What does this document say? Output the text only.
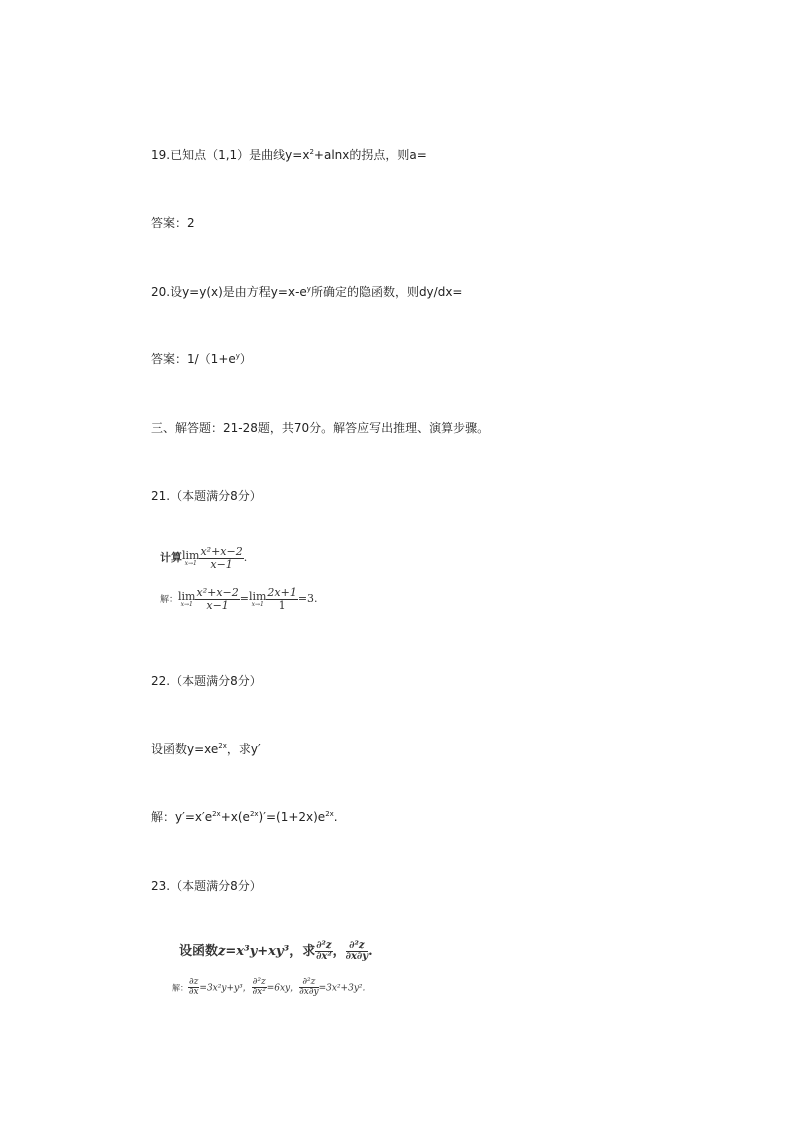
19.已知点（1,1）是曲线$y=x^2+alnx$的拐点，则a=
答案：2
20.设y=y(x)是由方程$y=x-e^y$所确定的隐函数，则dy/dx=
答案：$1/(1+e^y)$
三、解答题：21-28题，共70分。解答应写出推理、演算步骤。
21.（本题满分8分）
计算 lim
$x\to 1 \frac{\text{x²+x−2}}{x-1}$ .
解： lim
$x\to 1 \frac{\text{x²+x−2}}{x-1} = \lim$
$x\to 1 \frac{2x+1}{1} =3$.
22.（本题满分8分）
设函数$y=xe^{2x}$，求y′
解：$y'=x'e^{2x}+x(e^{2x})'=(1+2x)e^{2x}$.
23.（本题满分8分）
设函数z=x³y+xy³，求 $\frac{\text{∂²z}}{\text{∂x²}}$ ， $\frac{\text{∂²z}}{\partial x\partial y}$ .
解： $\frac{\partial z}{\partial x} =3x^2y+y^3$， $\frac{\text{∂²z}}{\text{∂x²}} =6xy$， $\frac{\text{∂²z}}{\partial x\partial y} =3x^2+3y^2$.
